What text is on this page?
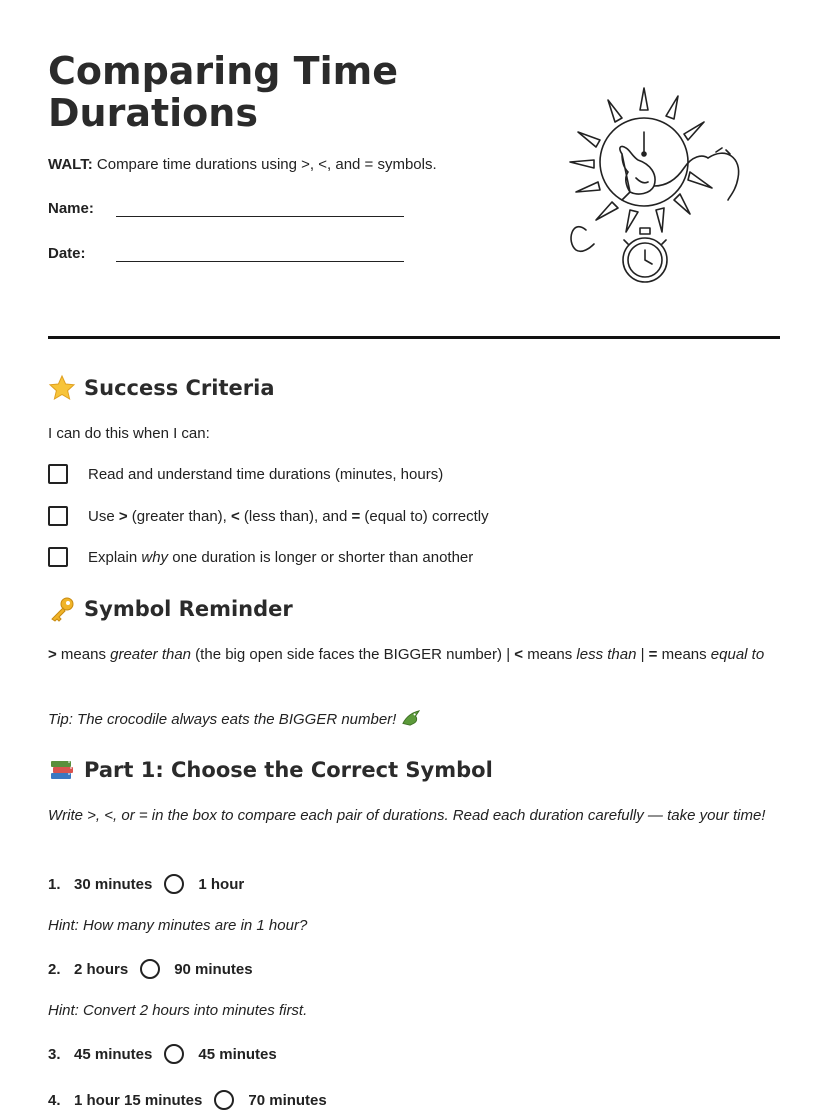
Comparing Time Durations
WALT: Compare time durations using >, <, and = symbols.
Name:
Date:
Success Criteria
I can do this when I can:
Read and understand time durations (minutes, hours)
Use > (greater than), < (less than), and = (equal to) correctly
Explain why one duration is longer or shorter than another
Symbol Reminder
> means greater than (the big open side faces the BIGGER number) | < means less than | = means equal to
Tip: The crocodile always eats the BIGGER number!
Part 1: Choose the Correct Symbol
Write >, <, or = in the box to compare each pair of durations. Read each duration carefully — take your time!
1. 30 minutes	1 hour
Hint: How many minutes are in 1 hour?
2. 2 hours	90 minutes
Hint: Convert 2 hours into minutes first.
3. 45 minutes	45 minutes
4. 1 hour 15 minutes	70 minutes
